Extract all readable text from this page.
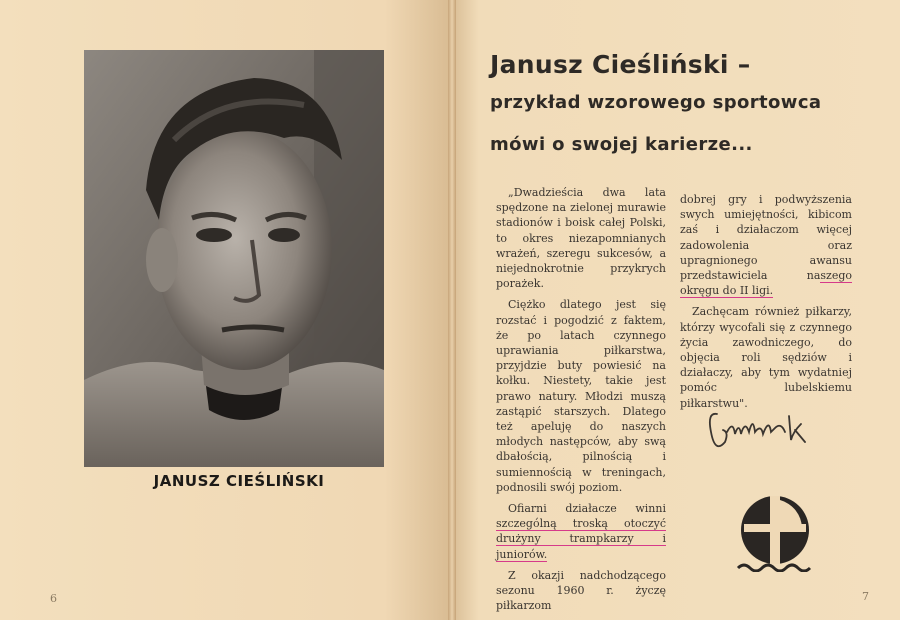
JANUSZ CIEŚLIŃSKI
6
Janusz Cieśliński –
przykład wzorowego sportowca
mówi o swojej karierze...

„Dwadzieścia dwa lata spędzone na zielonej murawie stadionów i boisk całej Polski, to okres niezapomnianych wrażeń, szeregu sukcesów, a niejednokrotnie przykrych porażek.

Ciężko dlatego jest się rozstać i pogodzić z faktem, że po latach czynnego uprawiania piłkarstwa, przyjdzie buty powiesić na kołku. Niestety, takie jest prawo natury. Młodzi muszą zastąpić starszych. Dlatego też apeluję do naszych młodych następców, aby swą dbałością, pilnością i sumiennością w treningach, podnosili swój poziom.

Ofiarni działacze winni szczególną troską otoczyć drużyny trampkarzy i juniorów.

Z okazji nadchodzącego sezonu 1960 r. życzę piłkarzom

dobrej gry i podwyższenia swych umiejętności, kibicom zaś i działaczom więcej zadowolenia oraz upragnionego awansu przedstawiciela naszego okręgu do II ligi.

Zachęcam również piłkarzy, którzy wycofali się z czynnego życia zawodniczego, do objęcia roli sędziów i działaczy, aby tym wydatniej pomóc lubelskiemu piłkarstwu".

7
